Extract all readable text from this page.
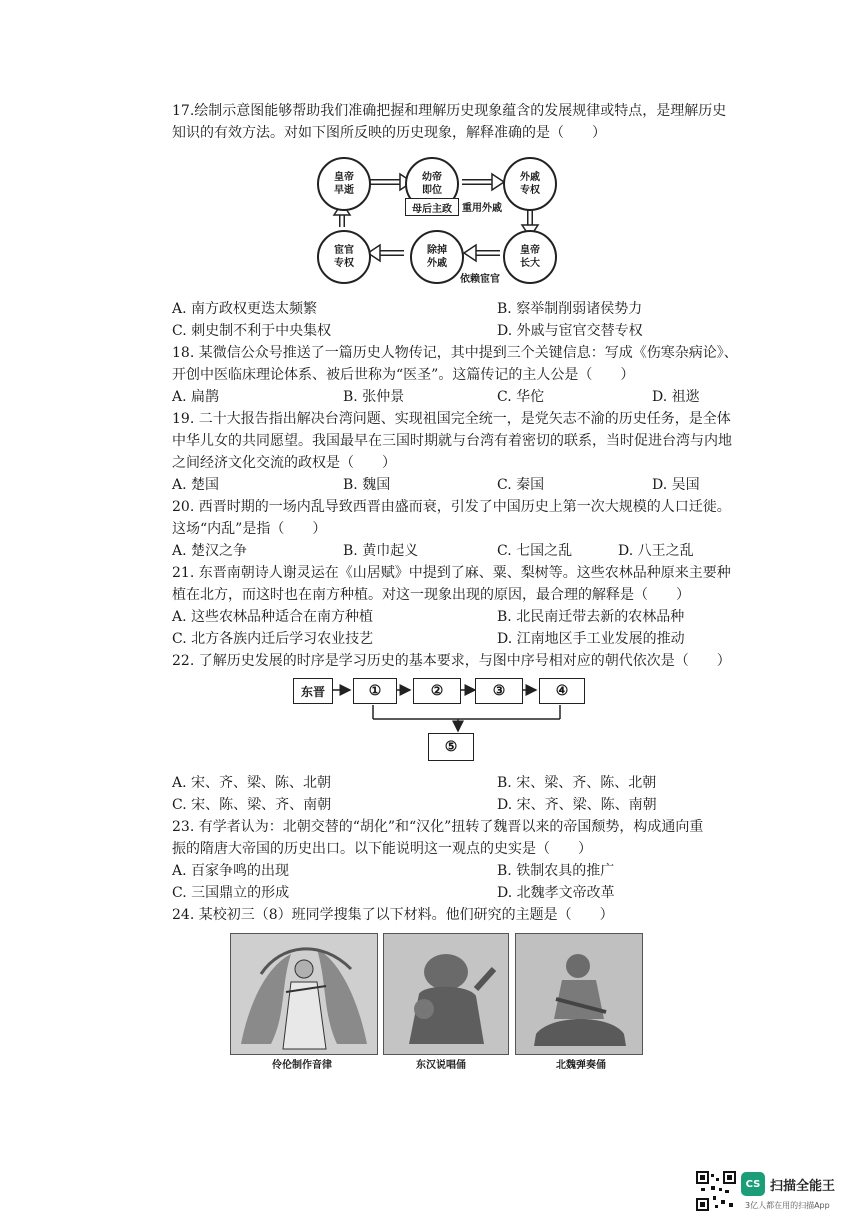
17.绘制示意图能够帮助我们准确把握和理解历史现象蕴含的发展规律或特点，是理解历史
知识的有效方法。对如下图所反映的历史现象，解释准确的是（　　）
皇帝
早逝
幼帝
即位
外戚
专权
皇帝
长大
除掉
外戚
宦官
专权
母后主政	重用外戚
依赖宦官
A. 南方政权更迭太频繁	B. 察举制削弱诸侯势力
C. 刺史制不利于中央集权	D. 外戚与宦官交替专权
18. 某微信公众号推送了一篇历史人物传记，其中提到三个关键信息：写成《伤寒杂病论》、
开创中医临床理论体系、被后世称为“医圣”。这篇传记的主人公是（　　）
A. 扁鹊	B. 张仲景	C. 华佗	D. 祖逖
19. 二十大报告指出解决台湾问题、实现祖国完全统一，是党矢志不渝的历史任务，是全体
中华儿女的共同愿望。我国最早在三国时期就与台湾有着密切的联系，当时促进台湾与内地
之间经济文化交流的政权是（　　）
A. 楚国	B. 魏国	C. 秦国	D. 吴国
20. 西晋时期的一场内乱导致西晋由盛而衰，引发了中国历史上第一次大规模的人口迁徙。
这场“内乱”是指（　　）
A. 楚汉之争	B. 黄巾起义	C. 七国之乱	D. 八王之乱
21. 东晋南朝诗人谢灵运在《山居赋》中提到了麻、粟、梨树等。这些农林品种原来主要种
植在北方，而这时也在南方种植。对这一现象出现的原因，最合理的解释是（　　）
A. 这些农林品种适合在南方种植	B. 北民南迁带去新的农林品种
C. 北方各族内迁后学习农业技艺	D. 江南地区手工业发展的推动
22. 了解历史发展的时序是学习历史的基本要求，与图中序号相对应的朝代依次是（　　）
东晋	①	②	③	④
⑤
A. 宋、齐、梁、陈、北朝	B. 宋、梁、齐、陈、北朝
C. 宋、陈、梁、齐、南朝	D. 宋、齐、梁、陈、南朝
23. 有学者认为：北朝交替的“胡化”和“汉化”扭转了魏晋以来的帝国颓势，构成通向重
振的隋唐大帝国的历史出口。以下能说明这一观点的史实是（　　）
A. 百家争鸣的出现	B. 铁制农具的推广
C. 三国鼎立的形成	D. 北魏孝文帝改革
24. 某校初三（8）班同学搜集了以下材料。他们研究的主题是（　　）
伶伦制作音律	东汉说唱俑	北魏弹奏俑
CS 扫描全能王
3亿人都在用的扫描App
